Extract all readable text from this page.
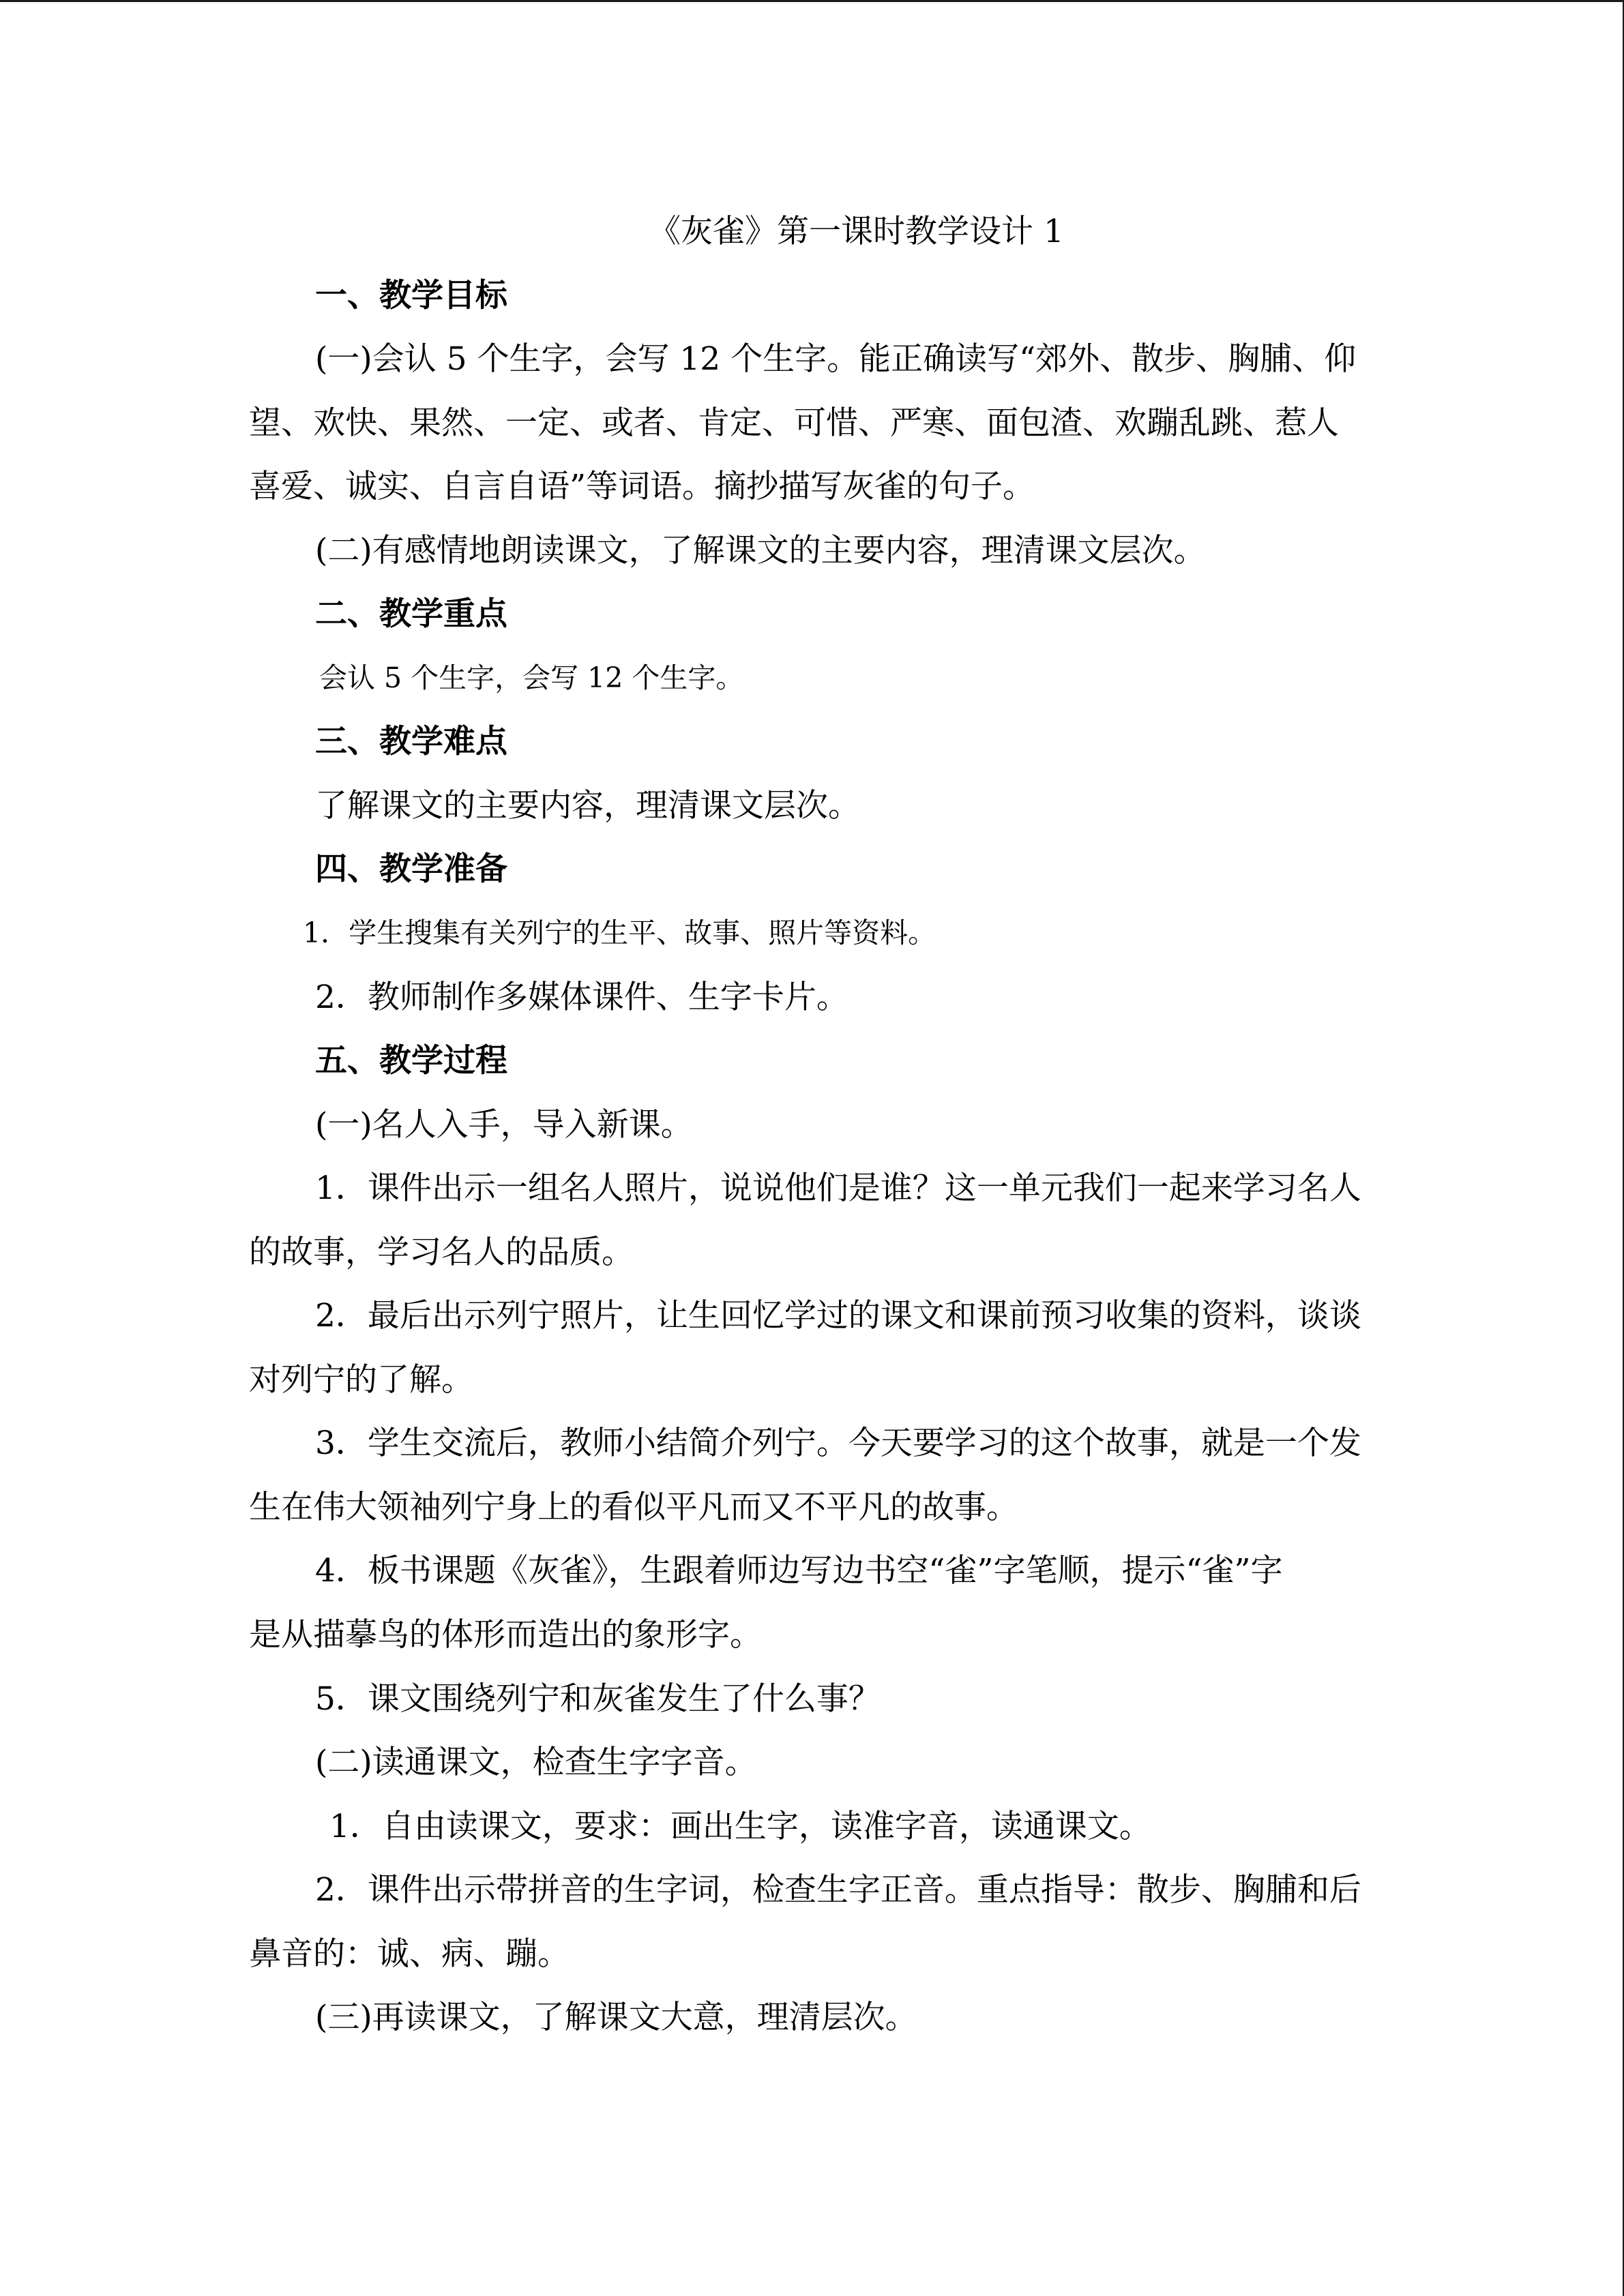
《灰雀》第一课时教学设计 1
一、教学目标
(一)会认 5 个生字，会写 12 个生字。能正确读写“郊外、散步、胸脯、仰
望、欢快、果然、一定、或者、肯定、可惜、严寒、面包渣、欢蹦乱跳、惹人
喜爱、诚实、自言自语”等词语。摘抄描写灰雀的句子。
(二)有感情地朗读课文，了解课文的主要内容，理清课文层次。
二、教学重点
会认 5 个生字，会写 12 个生字。
三、教学难点
了解课文的主要内容，理清课文层次。
四、教学准备
1．学生搜集有关列宁的生平、故事、照片等资料。
2．教师制作多媒体课件、生字卡片。
五、教学过程
(一)名人入手，导入新课。
1．课件出示一组名人照片，说说他们是谁？这一单元我们一起来学习名人
的故事，学习名人的品质。
2．最后出示列宁照片，让生回忆学过的课文和课前预习收集的资料，谈谈
对列宁的了解。
3．学生交流后，教师小结简介列宁。今天要学习的这个故事，就是一个发
生在伟大领袖列宁身上的看似平凡而又不平凡的故事。
4．板书课题《灰雀》，生跟着师边写边书空“雀”字笔顺，提示“雀”字
是从描摹鸟的体形而造出的象形字。
5．课文围绕列宁和灰雀发生了什么事？
(二)读通课文，检查生字字音。
1．自由读课文，要求：画出生字，读准字音，读通课文。
2．课件出示带拼音的生字词，检查生字正音。重点指导：散步、胸脯和后
鼻音的：诚、病、蹦。
(三)再读课文，了解课文大意，理清层次。
